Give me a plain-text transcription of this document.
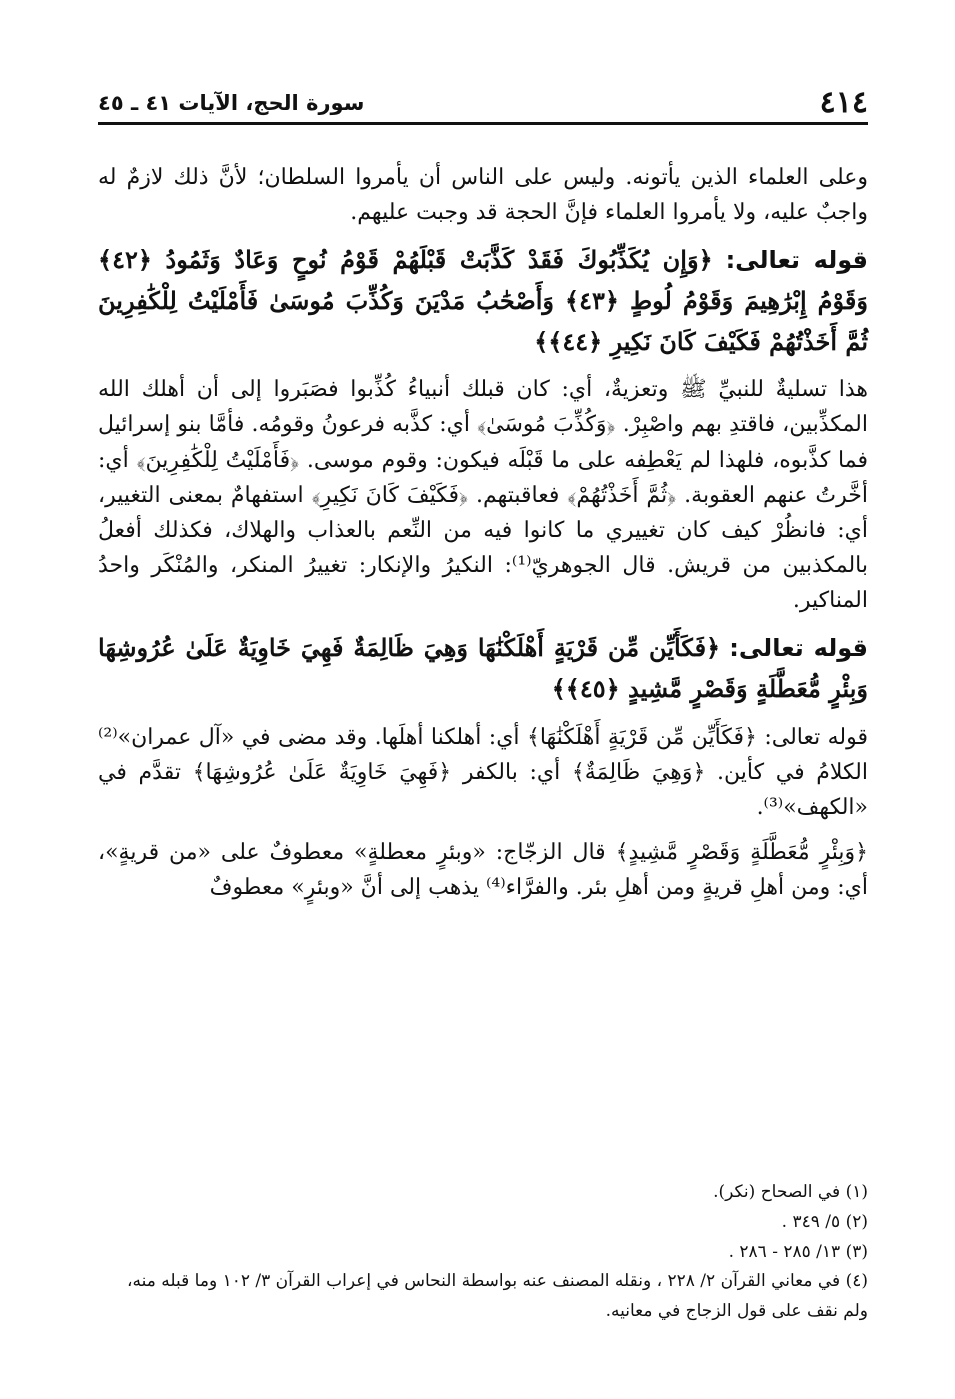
٤١٤
سورة الحج، الآيات ٤١ ـ ٤٥

وعلى العلماء الذين يأتونه. وليس على الناس أن يأمروا السلطان؛ لأنَّ ذلك لازمٌ له واجبٌ عليه، ولا يأمروا العلماء فإنَّ الحجة قد وجبت عليهم.

قوله تعالى: ﴿وَإِن يُكَذِّبُوكَ فَقَدْ كَذَّبَتْ قَبْلَهُمْ قَوْمُ نُوحٍ وَعَادٌ وَثَمُودُ ﴿٤٢﴾ وَقَوْمُ إِبْرَٰهِيمَ وَقَوْمُ لُوطٍ ﴿٤٣﴾ وَأَصْحَٰبُ مَدْيَنَ وَكُذِّبَ مُوسَىٰ فَأَمْلَيْتُ لِلْكَٰفِرِينَ ثُمَّ أَخَذْتُهُمْ فَكَيْفَ كَانَ نَكِيرِ ﴿٤٤﴾﴾

هذا تسليةٌ للنبيِّ ﷺ وتعزيةٌ، أي: كان قبلك أنبياءُ كُذِّبوا فصَبَروا إلى أن أهلك الله المكذِّبين، فاقتدِ بهم واصْبِرْ. ﴿وَكُذِّبَ مُوسَىٰ﴾ أي: كذَّبه فرعونُ وقومُه. فأمَّا بنو إسرائيل فما كذَّبوه، فلهذا لم يَعْطِفه على ما قَبْلَه فيكون: وقوم موسى. ﴿فَأَمْلَيْتُ لِلْكَٰفِرِينَ﴾ أي: أخَّرتُ عنهم العقوبة. ﴿ثُمَّ أَخَذْتُهُمْ﴾ فعاقبتهم. ﴿فَكَيْفَ كَانَ نَكِيرِ﴾ استفهامٌ بمعنى التغيير، أي: فانظُرْ كيف كان تغييري ما كانوا فيه من النِّعم بالعذاب والهلاك، فكذلك أفعلُ بالمكذبين من قريش. قال الجوهريّ⁽¹⁾: النكيرُ والإنكار: تغييرُ المنكر، والمُنْكَر واحدُ المناكير.

قوله تعالى: ﴿فَكَأَيِّن مِّن قَرْيَةٍ أَهْلَكْنَٰهَا وَهِيَ ظَالِمَةٌ فَهِيَ خَاوِيَةٌ عَلَىٰ عُرُوشِهَا وَبِئْرٍ مُّعَطَّلَةٍ وَقَصْرٍ مَّشِيدٍ ﴿٤٥﴾﴾

قوله تعالى: ﴿فَكَأَيِّن مِّن قَرْيَةٍ أَهْلَكْنَٰهَا﴾ أي: أهلكنا أهلَها. وقد مضى في «آل عمران»⁽²⁾ الكلامُ في كأين. ﴿وَهِيَ ظَالِمَةٌ﴾ أي: بالكفر ﴿فَهِيَ خَاوِيَةٌ عَلَىٰ عُرُوشِهَا﴾ تقدَّم في «الكهف»⁽³⁾.

﴿وَبِئْرٍ مُّعَطَّلَةٍ وَقَصْرٍ مَّشِيدٍ﴾ قال الزجّاج: «وبئرٍ معطلةٍ» معطوفٌ على «من قريةٍ»، أي: ومن أهلِ قريةٍ ومن أهلِ بئر. والفرَّاء⁽⁴⁾ يذهب إلى أنَّ «وبئرٍ» معطوفٌ

(١) في الصحاح (نكر).
(٢) ٥/ ٣٤٩ .
(٣) ١٣/ ٢٨٥ - ٢٨٦ .
(٤) في معاني القرآن ٢/ ٢٢٨ ، ونقله المصنف عنه بواسطة النحاس في إعراب القرآن ٣/ ١٠٢ وما قبله منه، ولم نقف على قول الزجاج في معانيه.
